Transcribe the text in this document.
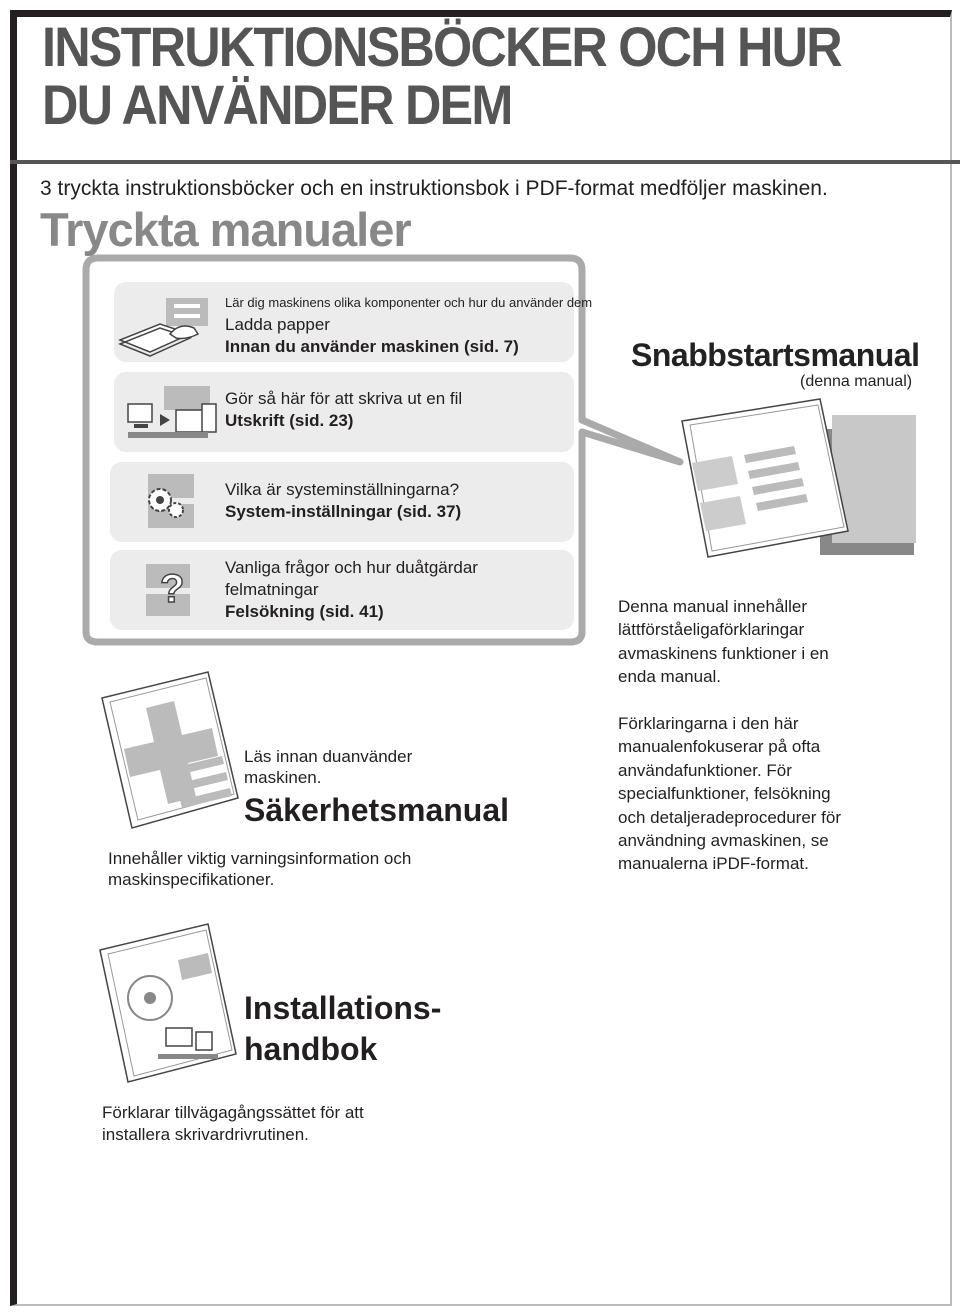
INSTRUKTIONSBÖCKER OCH HUR
DU ANVÄNDER DEM
3 tryckta instruktionsböcker och en instruktionsbok i PDF-format medföljer maskinen.
Tryckta manualer
?
Lär dig maskinens olika komponenter och hur du använder dem
Ladda papper
Innan du använder maskinen (sid. 7)
Gör så här för att skriva ut en fil
Utskrift (sid. 23)
Vilka är systeminställningarna?
System-inställningar (sid. 37)
Vanliga frågor och hur duåtgärdar
felmatningar
Felsökning (sid. 41)
Snabbstartsmanual
(denna manual)
Denna manual innehåller
lättförståeligaförklaringar
avmaskinens funktioner i en
enda manual.
Förklaringarna i den här
manualenfokuserar på ofta
användafunktioner. För
specialfunktioner, felsökning
och detaljeradeprocedurer för
användning avmaskinen, se
manualerna iPDF-format.
Läs innan duanvänder
maskinen.
Säkerhetsmanual
Innehåller viktig varningsinformation och
maskinspecifikationer.
Installations-
handbok
Förklarar tillvägagångssättet för att
installera skrivardrivrutinen.
